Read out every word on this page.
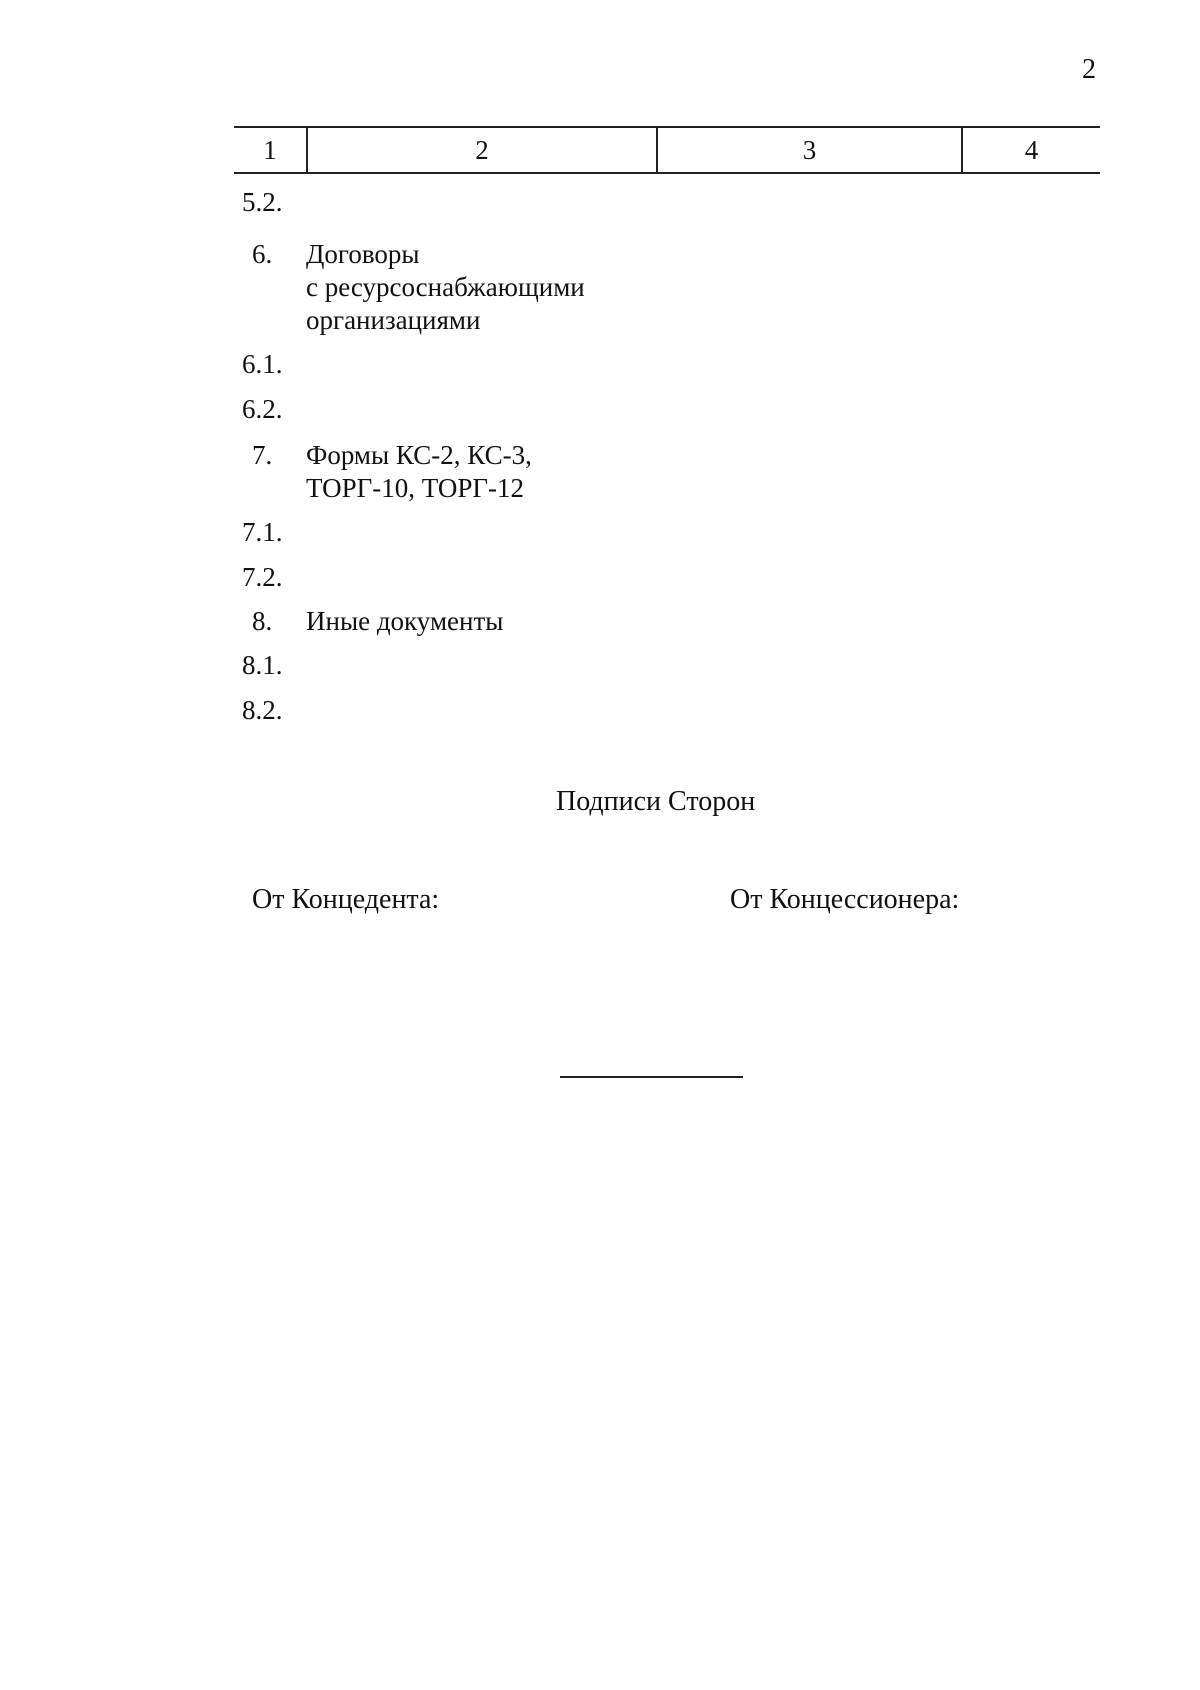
2
1	2	3	4
5.2.
6.	Договоры
с ресурсоснабжающими
организациями
6.1.
6.2.
7.	Формы КС-2, КС-3,
ТОРГ-10, ТОРГ-12
7.1.
7.2.
8.	Иные документы
8.1.
8.2.
Подписи Сторон
От Концедента:	От Концессионера:
